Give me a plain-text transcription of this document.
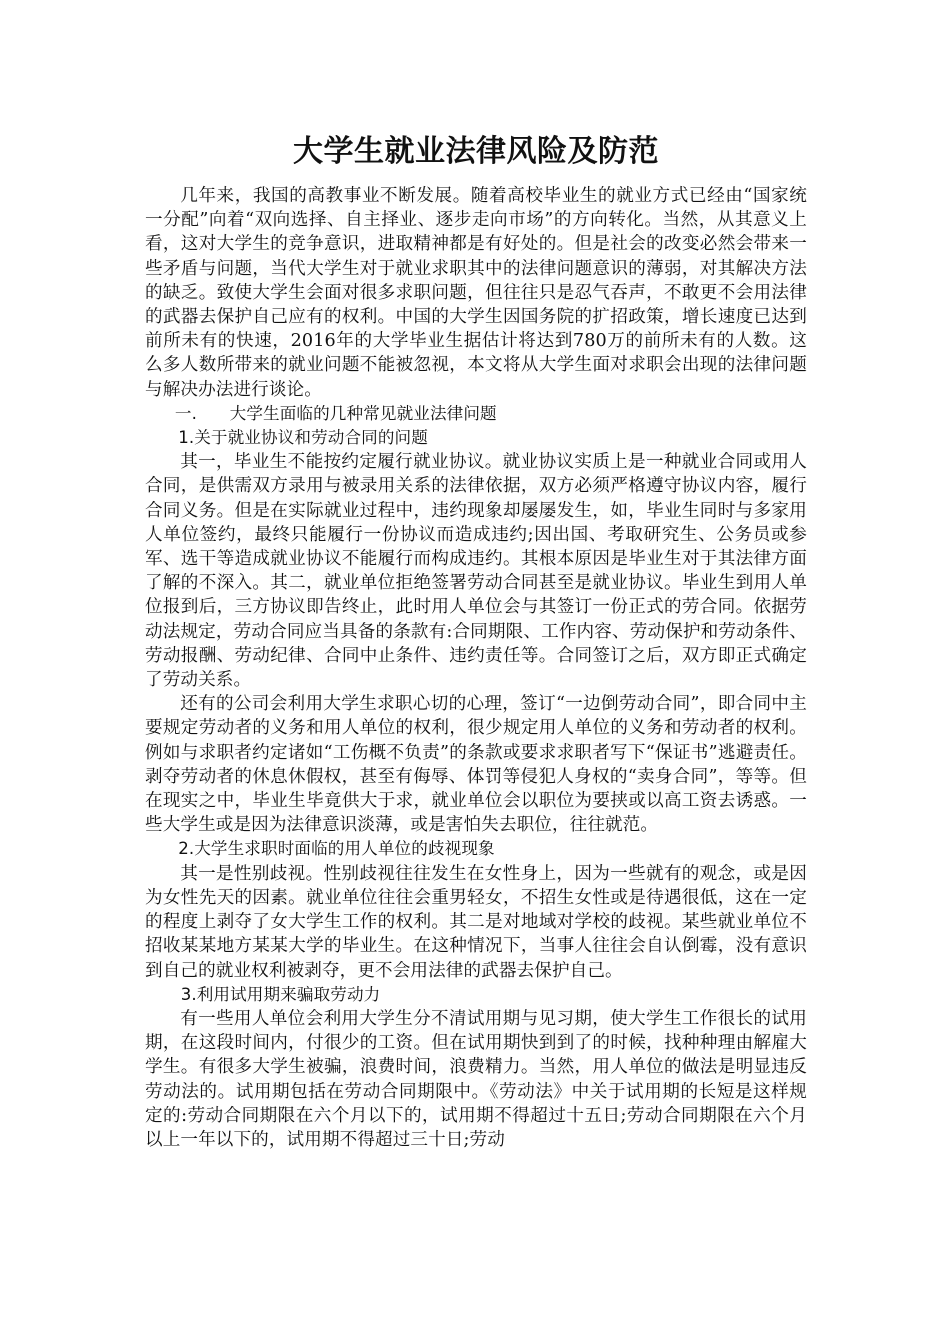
大学生就业法律风险及防范

几年来，我国的高教事业不断发展。随着高校毕业生的就业方式已经由“国家统一分配”向着“双向选择、自主择业、逐步走向市场”的方向转化。当然，从其意义上看，这对大学生的竞争意识，进取精神都是有好处的。但是社会的改变必然会带来一些矛盾与问题，当代大学生对于就业求职其中的法律问题意识的薄弱，对其解决方法的缺乏。致使大学生会面对很多求职问题，但往往只是忍气吞声，不敢更不会用法律的武器去保护自己应有的权利。中国的大学生因国务院的扩招政策，增长速度已达到前所未有的快速，2016年的大学毕业生据估计将达到780万的前所未有的人数。这么多人数所带来的就业问题不能被忽视，本文将从大学生面对求职会出现的法律问题与解决办法进行谈论。

一. 大学生面临的几种常见就业法律问题

1.关于就业协议和劳动合同的问题

其一，毕业生不能按约定履行就业协议。就业协议实质上是一种就业合同或用人合同，是供需双方录用与被录用关系的法律依据，双方必须严格遵守协议内容，履行合同义务。但是在实际就业过程中，违约现象却屡屡发生，如，毕业生同时与多家用人单位签约，最终只能履行一份协议而造成违约;因出国、考取研究生、公务员或参军、选干等造成就业协议不能履行而构成违约。其根本原因是毕业生对于其法律方面了解的不深入。其二，就业单位拒绝签署劳动合同甚至是就业协议。毕业生到用人单位报到后，三方协议即告终止，此时用人单位会与其签订一份正式的劳合同。依据劳动法规定，劳动合同应当具备的条款有:合同期限、工作内容、劳动保护和劳动条件、劳动报酬、劳动纪律、合同中止条件、违约责任等。合同签订之后，双方即正式确定了劳动关系。

还有的公司会利用大学生求职心切的心理，签订“一边倒劳动合同”，即合同中主要规定劳动者的义务和用人单位的权利，很少规定用人单位的义务和劳动者的权利。例如与求职者约定诸如“工伤概不负责”的条款或要求求职者写下“保证书”逃避责任。剥夺劳动者的休息休假权，甚至有侮辱、体罚等侵犯人身权的“卖身合同”，等等。但在现实之中，毕业生毕竟供大于求，就业单位会以职位为要挟或以高工资去诱惑。一些大学生或是因为法律意识淡薄，或是害怕失去职位，往往就范。

2.大学生求职时面临的用人单位的歧视现象

其一是性别歧视。性别歧视往往发生在女性身上，因为一些就有的观念，或是因为女性先天的因素。就业单位往往会重男轻女，不招生女性或是待遇很低，这在一定的程度上剥夺了女大学生工作的权利。其二是对地域对学校的歧视。某些就业单位不招收某某地方某某大学的毕业生。在这种情况下，当事人往往会自认倒霉，没有意识到自己的就业权利被剥夺，更不会用法律的武器去保护自己。

3.利用试用期来骗取劳动力

有一些用人单位会利用大学生分不清试用期与见习期，使大学生工作很长的试用期，在这段时间内，付很少的工资。但在试用期快到到了的时候，找种种理由解雇大学生。有很多大学生被骗，浪费时间，浪费精力。当然，用人单位的做法是明显违反劳动法的。试用期包括在劳动合同期限中。《劳动法》中关于试用期的长短是这样规定的:劳动合同期限在六个月以下的，试用期不得超过十五日;劳动合同期限在六个月以上一年以下的，试用期不得超过三十日;劳动
